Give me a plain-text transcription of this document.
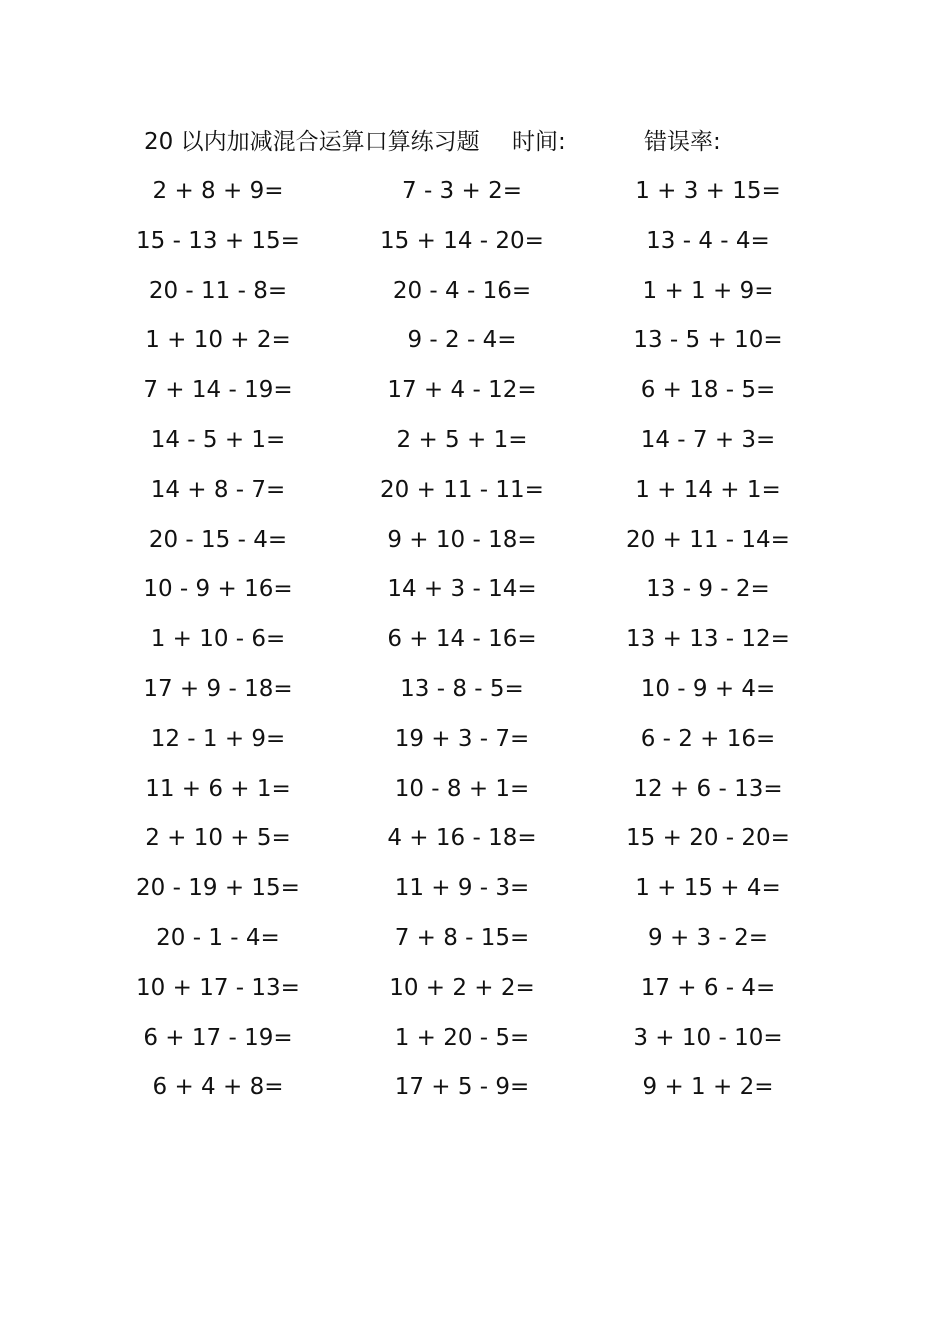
20 以内加减混合运算口算练习题 时间:	错误率:
2 + 8 + 9=	7 - 3 + 2=	1 + 3 + 15=
15 - 13 + 15=	15 + 14 - 20=	13 - 4 - 4=
20 - 11 - 8=	20 - 4 - 16=	1 + 1 + 9=
1 + 10 + 2=	9 - 2 - 4=	13 - 5 + 10=
7 + 14 - 19=	17 + 4 - 12=	6 + 18 - 5=
14 - 5 + 1=	2 + 5 + 1=	14 - 7 + 3=
14 + 8 - 7=	20 + 11 - 11=	1 + 14 + 1=
20 - 15 - 4=	9 + 10 - 18=	20 + 11 - 14=
10 - 9 + 16=	14 + 3 - 14=	13 - 9 - 2=
1 + 10 - 6=	6 + 14 - 16=	13 + 13 - 12=
17 + 9 - 18=	13 - 8 - 5=	10 - 9 + 4=
12 - 1 + 9=	19 + 3 - 7=	6 - 2 + 16=
11 + 6 + 1=	10 - 8 + 1=	12 + 6 - 13=
2 + 10 + 5=	4 + 16 - 18=	15 + 20 - 20=
20 - 19 + 15=	11 + 9 - 3=	1 + 15 + 4=
20 - 1 - 4=	7 + 8 - 15=	9 + 3 - 2=
10 + 17 - 13=	10 + 2 + 2=	17 + 6 - 4=
6 + 17 - 19=	1 + 20 - 5=	3 + 10 - 10=
6 + 4 + 8=	17 + 5 - 9=	9 + 1 + 2=
